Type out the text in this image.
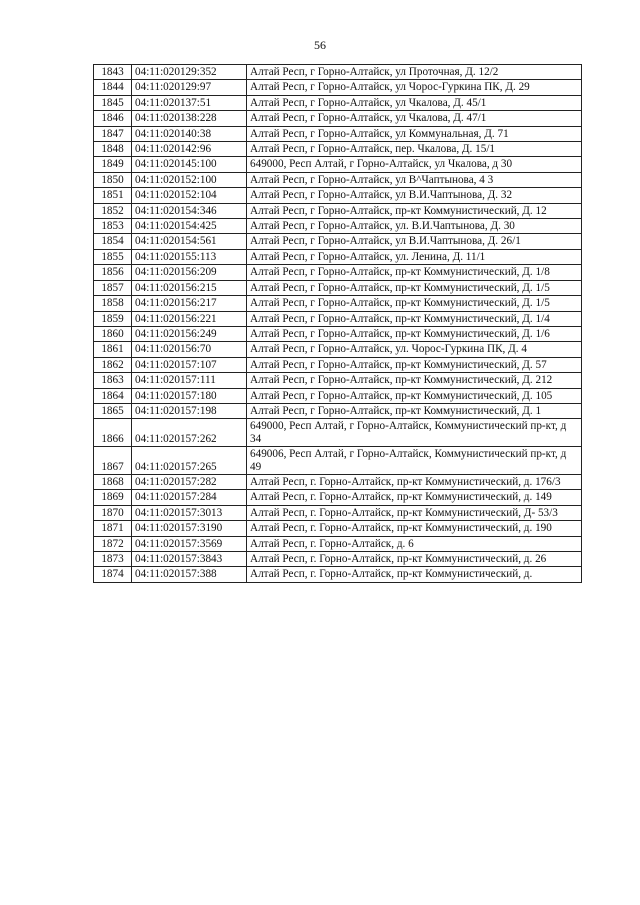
56
1843	04:11:020129:352	Алтай Респ, г Горно-Алтайск, ул Проточная, Д. 12/2
1844	04:11:020129:97	Алтай Респ, г Горно-Алтайск, ул Чорос-Гуркина ПК, Д. 29
1845	04:11:020137:51	Алтай Респ, г Горно-Алтайск, ул Чкалова, Д. 45/1
1846	04:11:020138:228	Алтай Респ, г Горно-Алтайск, ул Чкалова, Д. 47/1
1847	04:11:020140:38	Алтай Респ, г Горно-Алтайск, ул Коммунальная, Д. 71
1848	04:11:020142:96	Алтай Респ, г Горно-Алтайск, пер. Чкалова, Д. 15/1
1849	04:11:020145:100	649000, Респ Алтай, г Горно-Алтайск, ул Чкалова, д 30
1850	04:11:020152:100	Алтай Респ, г Горно-Алтайск, ул В^Чаптынова, 4 3
1851	04:11:020152:104	Алтай Респ, г Горно-Алтайск, ул В.И.Чаптынова, Д. 32
1852	04:11:020154:346	Алтай Респ, г Горно-Алтайск, пр-кт Коммунистический, Д. 12
1853	04:11:020154:425	Алтай Респ, г Горно-Алтайск, ул. В.И.Чаптынова, Д. 30
1854	04:11:020154:561	Алтай Респ, г Горно-Алтайск, ул В.И.Чаптынова, Д. 26/1
1855	04:11:020155:113	Алтай Респ, г Горно-Алтайск, ул. Ленина, Д. 11/1
1856	04:11:020156:209	Алтай Респ, г Горно-Алтайск, пр-кт Коммунистический, Д. 1/8
1857	04:11:020156:215	Алтай Респ, г Горно-Алтайск, пр-кт Коммунистический, Д. 1/5
1858	04:11:020156:217	Алтай Респ, г Горно-Алтайск, пр-кт Коммунистический, Д. 1/5
1859	04:11:020156:221	Алтай Респ, г Горно-Алтайск, пр-кт Коммунистический, Д. 1/4
1860	04:11:020156:249	Алтай Респ, г Горно-Алтайск, пр-кт Коммунистический, Д. 1/6
1861	04:11:020156:70	Алтай Респ, г Горно-Алтайск, ул. Чорос-Гуркина ПК, Д. 4
1862	04:11:020157:107	Алтай Респ, г Горно-Алтайск, пр-кт Коммунистический, Д. 57
1863	04:11:020157:111	Алтай Респ, г Горно-Алтайск, пр-кт Коммунистический, Д. 212
1864	04:11:020157:180	Алтай Респ, г Горно-Алтайск, пр-кт Коммунистический, Д. 105
1865	04:11:020157:198	Алтай Респ, г Горно-Алтайск, пр-кт Коммунистический, Д. 1
1866	04:11:020157:262	649000, Респ Алтай, г Горно-Алтайск, Коммунистический пр-кт, д 34
1867	04:11:020157:265	649006, Респ Алтай, г Горно-Алтайск, Коммунистический пр-кт, д 49
1868	04:11:020157:282	Алтай Респ, г. Горно-Алтайск, пр-кт Коммунистический, д. 176/3
1869	04:11:020157:284	Алтай Респ, г. Горно-Алтайск, пр-кт Коммунистический, д. 149
1870	04:11:020157:3013	Алтай Респ, г. Горно-Алтайск, пр-кт Коммунистический, Д- 53/3
1871	04:11:020157:3190	Алтай Респ, г. Горно-Алтайск, пр-кт Коммунистический, д. 190
1872	04:11:020157:3569	Алтай Респ, г. Горно-Алтайск, д. 6
1873	04:11:020157:3843	Алтай Респ, г. Горно-Алтайск, пр-кт Коммунистический, д. 26
1874	04:11:020157:388	Алтай Респ, г. Горно-Алтайск, пр-кт Коммунистический, д.
